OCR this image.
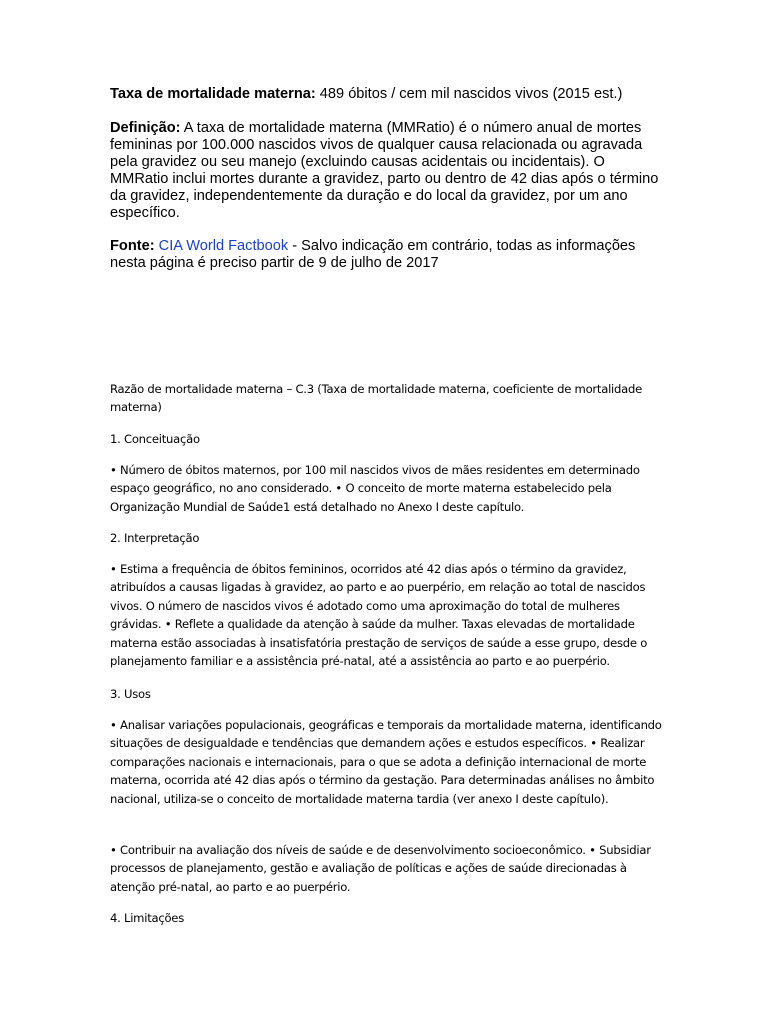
Taxa de mortalidade materna: 489 óbitos / cem mil nascidos vivos (2015 est.)

Definição: A taxa de mortalidade materna (MMRatio) é o número anual de mortes femininas por 100.000 nascidos vivos de qualquer causa relacionada ou agravada pela gravidez ou seu manejo (excluindo causas acidentais ou incidentais). O MMRatio inclui mortes durante a gravidez, parto ou dentro de 42 dias após o término da gravidez, independentemente da duração e do local da gravidez, por um ano específico.

Fonte: CIA World Factbook - Salvo indicação em contrário, todas as informações nesta página é preciso partir de 9 de julho de 2017

Razão de mortalidade materna – C.3 (Taxa de mortalidade materna, coeficiente de mortalidade materna)

1. Conceituação

• Número de óbitos maternos, por 100 mil nascidos vivos de mães residentes em determinado espaço geográfico, no ano considerado. • O conceito de morte materna estabelecido pela Organização Mundial de Saúde1 está detalhado no Anexo I deste capítulo.

2. Interpretação

• Estima a frequência de óbitos femininos, ocorridos até 42 dias após o término da gravidez, atribuídos a causas ligadas à gravidez, ao parto e ao puerpério, em relação ao total de nascidos vivos. O número de nascidos vivos é adotado como uma aproximação do total de mulheres grávidas. • Reflete a qualidade da atenção à saúde da mulher. Taxas elevadas de mortalidade materna estão associadas à insatisfatória prestação de serviços de saúde a esse grupo, desde o planejamento familiar e a assistência pré-natal, até a assistência ao parto e ao puerpério.

3. Usos

• Analisar variações populacionais, geográficas e temporais da mortalidade materna, identificando situações de desigualdade e tendências que demandem ações e estudos específicos. • Realizar comparações nacionais e internacionais, para o que se adota a definição internacional de morte materna, ocorrida até 42 dias após o término da gestação. Para determinadas análises no âmbito nacional, utiliza-se o conceito de mortalidade materna tardia (ver anexo I deste capítulo).

• Contribuir na avaliação dos níveis de saúde e de desenvolvimento socioeconômico. • Subsidiar processos de planejamento, gestão e avaliação de políticas e ações de saúde direcionadas à atenção pré-natal, ao parto e ao puerpério.

4. Limitações
